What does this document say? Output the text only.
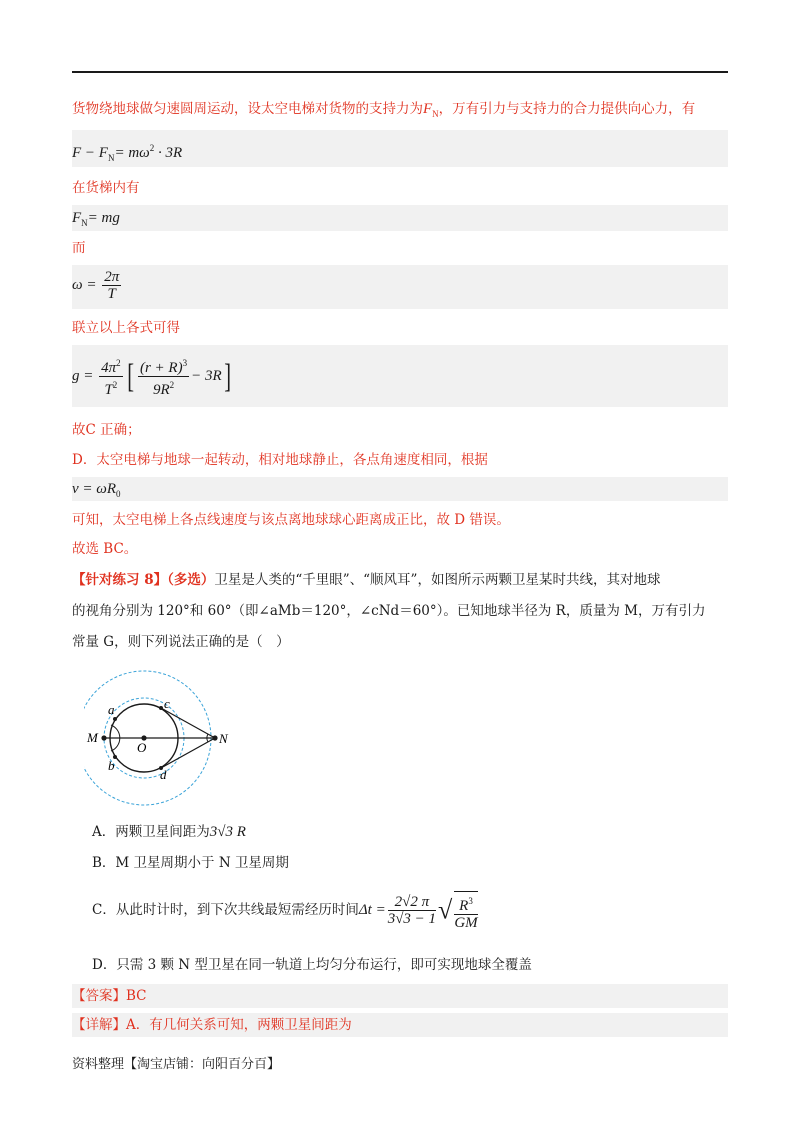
货物绕地球做匀速圆周运动，设太空电梯对货物的支持力为$F_N$，万有引力与支持力的合力提供向心力，有
$F - F_N= m\omega^2 \cdot 3R$
在货梯内有
$F_N=$ mg
而
$\omega = \frac{2\pi}{T}$
联立以上各式可得
$g = \frac{4\pi^2}{T^2}$ [ $\frac{(r + R)^3}{9R^2} - 3R$]
故C 正确；
D．太空电梯与地球一起转动，相对地球静止，各点角速度相同，根据
$v = \omega R_0$
可知，太空电梯上各点线速度与该点离地球球心距离成正比，故 D 错误。
故选 BC。
【针对练习 8】（多选）卫星是人类的“千里眼”、“顺风耳”，如图所示两颗卫星某时共线，其对地球
的视角分别为 120°和 60°（即∠aMb＝120°，∠cNd＝60°）。已知地球半径为 R，质量为 M，万有引力
常量 G，则下列说法正确的是（　）
M
O
N
a
b
c
d
A．两颗卫星间距为3√3 R
B．M 卫星周期小于 N 卫星周期
C．从此时计时，到下次共线最短需经历时间$\Delta t = \frac{2√2 \pi}{3√3 - 1}$ √ $\frac{R^3}{GM}$
D．只需 3 颗 N 型卫星在同一轨道上均匀分布运行，即可实现地球全覆盖
【答案】BC
【详解】A．有几何关系可知，两颗卫星间距为
资料整理【淘宝店铺：向阳百分百】
